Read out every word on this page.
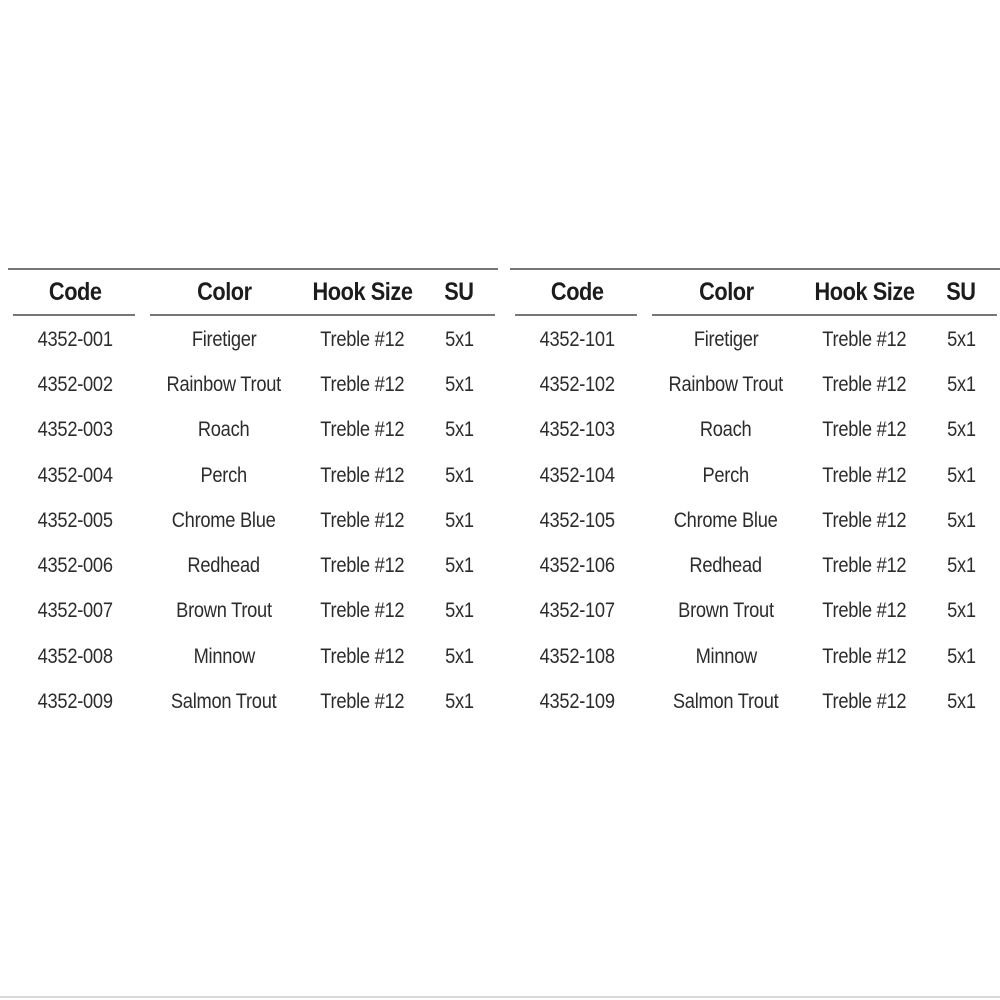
Code	Color	Hook Size	SU
4352-001	Firetiger	Treble #12	5x1
4352-002	Rainbow Trout	Treble #12	5x1
4352-003	Roach	Treble #12	5x1
4352-004	Perch	Treble #12	5x1
4352-005	Chrome Blue	Treble #12	5x1
4352-006	Redhead	Treble #12	5x1
4352-007	Brown Trout	Treble #12	5x1
4352-008	Minnow	Treble #12	5x1
4352-009	Salmon Trout	Treble #12	5x1
Code	Color	Hook Size	SU
4352-101	Firetiger	Treble #12	5x1
4352-102	Rainbow Trout	Treble #12	5x1
4352-103	Roach	Treble #12	5x1
4352-104	Perch	Treble #12	5x1
4352-105	Chrome Blue	Treble #12	5x1
4352-106	Redhead	Treble #12	5x1
4352-107	Brown Trout	Treble #12	5x1
4352-108	Minnow	Treble #12	5x1
4352-109	Salmon Trout	Treble #12	5x1
